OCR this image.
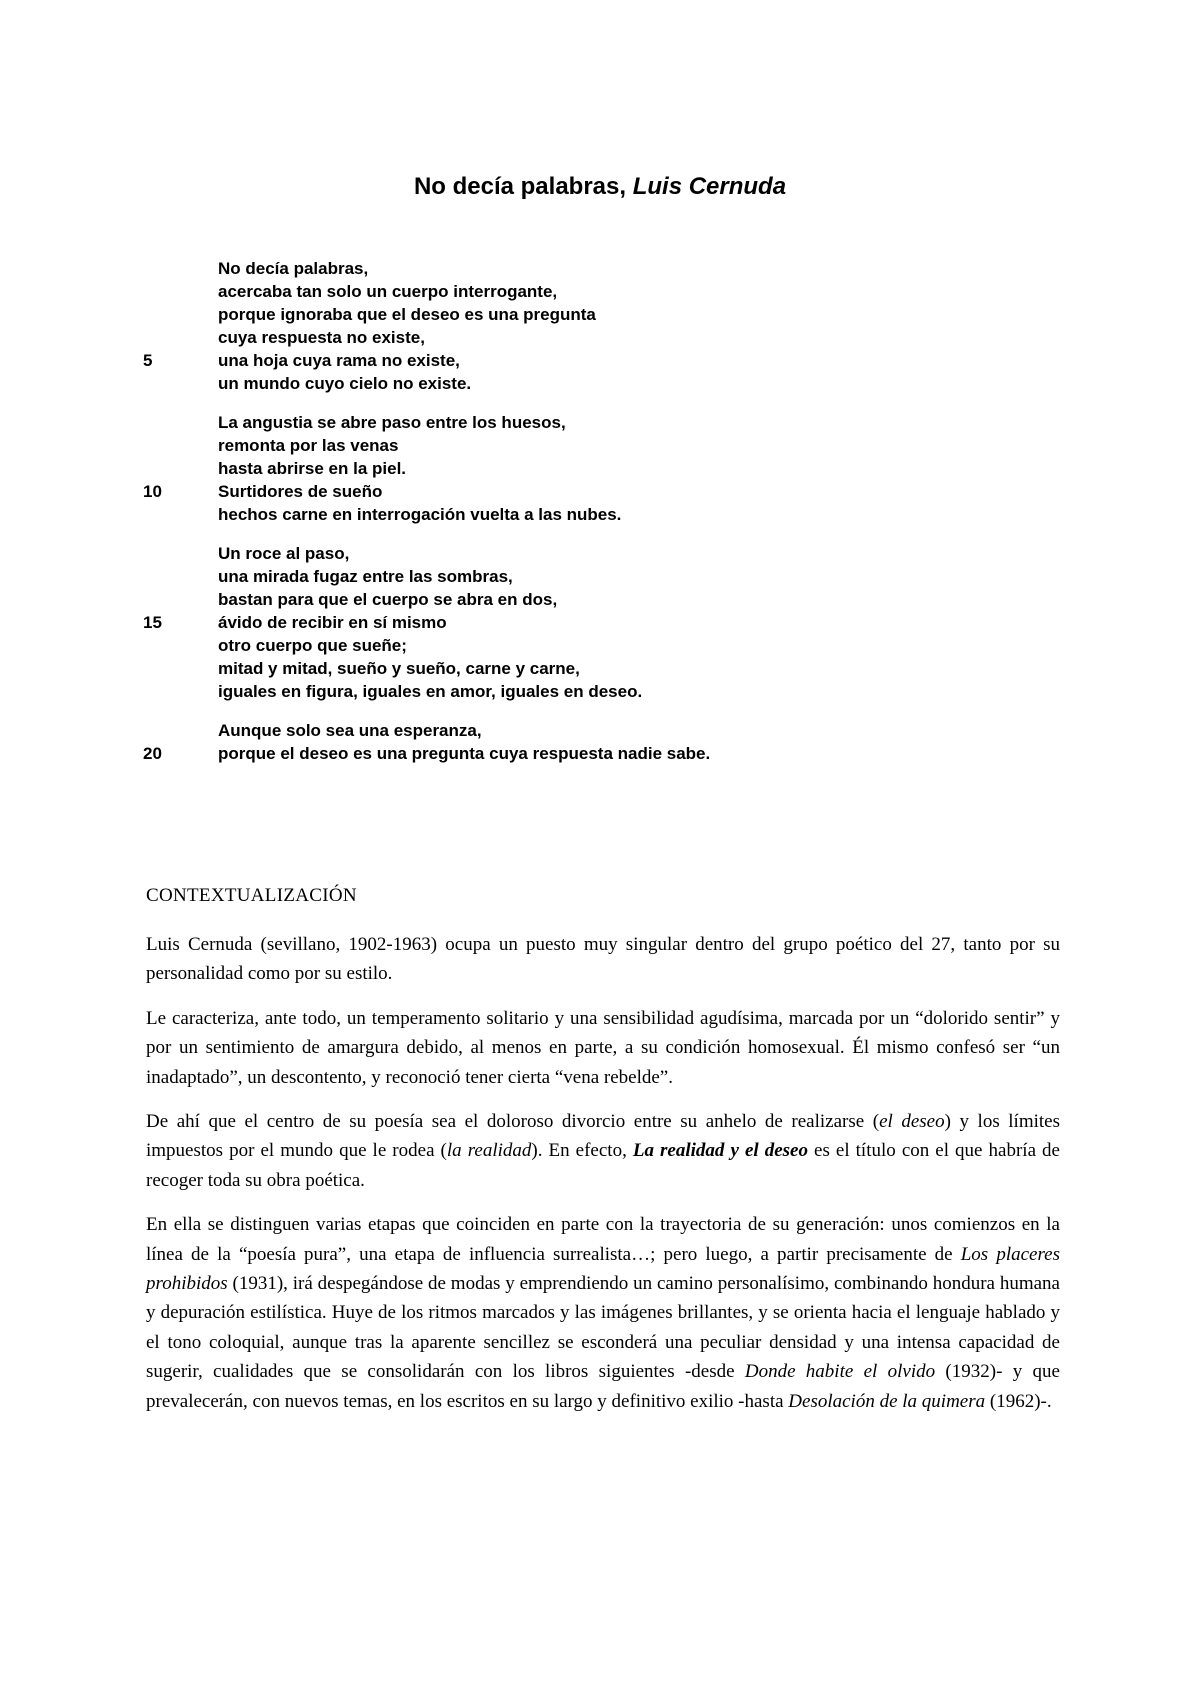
No decía palabras, Luis Cernuda
No decía palabras,
acercaba tan solo un cuerpo interrogante,
porque ignoraba que el deseo es una pregunta
cuya respuesta no existe,
5	una hoja cuya rama no existe,
un mundo cuyo cielo no existe.
La angustia se abre paso entre los huesos,
remonta por las venas
hasta abrirse en la piel.
10	Surtidores de sueño
hechos carne en interrogación vuelta a las nubes.
Un roce al paso,
una mirada fugaz entre las sombras,
bastan para que el cuerpo se abra en dos,
15	ávido de recibir en sí mismo
otro cuerpo que sueñe;
mitad y mitad, sueño y sueño, carne y carne,
iguales en figura, iguales en amor, iguales en deseo.
Aunque solo sea una esperanza,
20	porque el deseo es una pregunta cuya respuesta nadie sabe.
CONTEXTUALIZACIÓN

Luis Cernuda (sevillano, 1902-1963) ocupa un puesto muy singular dentro del grupo poético del 27, tanto por su personalidad como por su estilo.

Le caracteriza, ante todo, un temperamento solitario y una sensibilidad agudísima, marcada por un “dolorido sentir” y por un sentimiento de amargura debido, al menos en parte, a su condición homosexual. Él mismo confesó ser “un inadaptado”, un descontento, y reconoció tener cierta “vena rebelde”.

De ahí que el centro de su poesía sea el doloroso divorcio entre su anhelo de realizarse (el deseo) y los límites impuestos por el mundo que le rodea (la realidad). En efecto, La realidad y el deseo es el título con el que habría de recoger toda su obra poética.

En ella se distinguen varias etapas que coinciden en parte con la trayectoria de su generación: unos comienzos en la línea de la “poesía pura”, una etapa de influencia surrealista…; pero luego, a partir precisamente de Los placeres prohibidos (1931), irá despegándose de modas y emprendiendo un camino personalísimo, combinando hondura humana y depuración estilística. Huye de los ritmos marcados y las imágenes brillantes, y se orienta hacia el lenguaje hablado y el tono coloquial, aunque tras la aparente sencillez se esconderá una peculiar densidad y una intensa capacidad de sugerir, cualidades que se consolidarán con los libros siguientes -desde Donde habite el olvido (1932)- y que prevalecerán, con nuevos temas, en los escritos en su largo y definitivo exilio -hasta Desolación de la quimera (1962)-.
